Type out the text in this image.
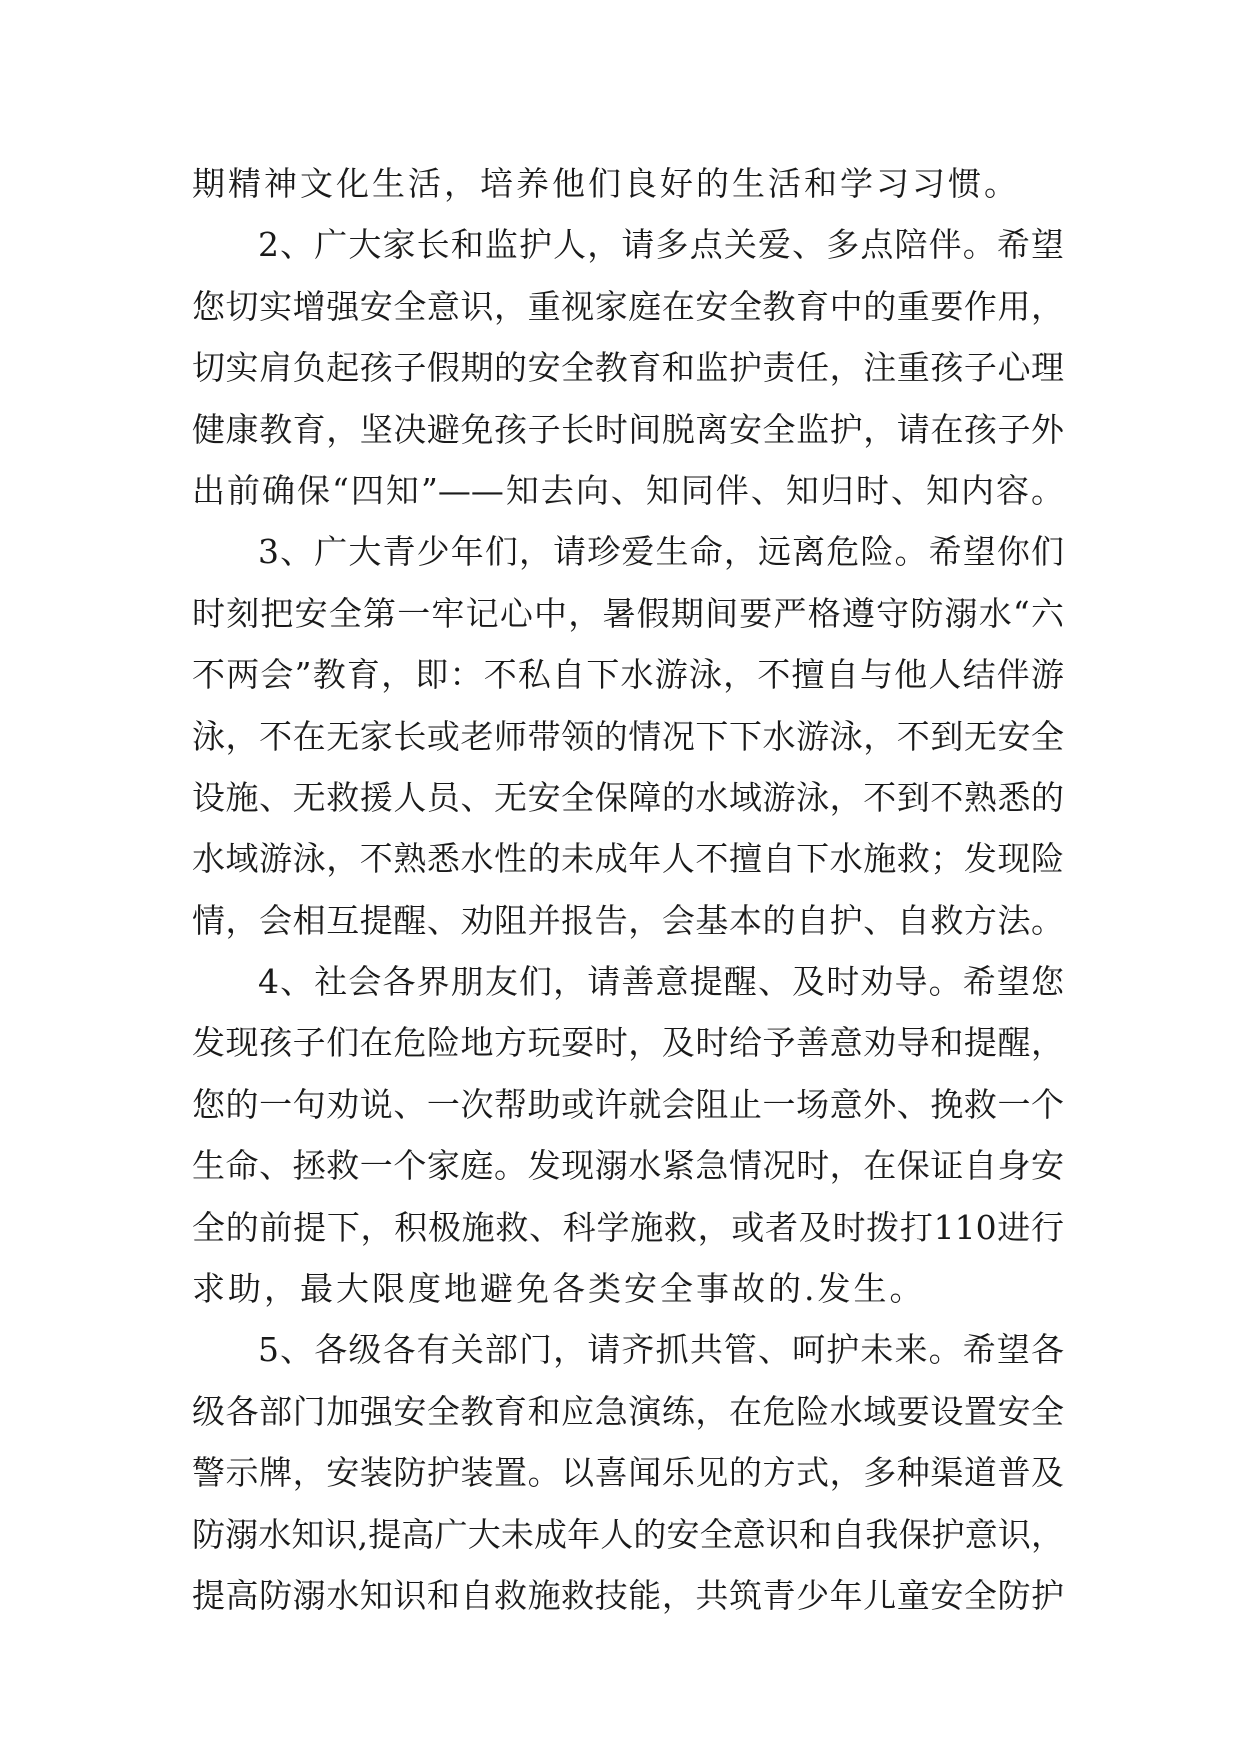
期精神文化生活，培养他们良好的生活和学习习惯。
2、广大家长和监护人，请多点关爱、多点陪伴。希望
您切实增强安全意识，重视家庭在安全教育中的重要作用，
切实肩负起孩子假期的安全教育和监护责任，注重孩子心理
健康教育，坚决避免孩子长时间脱离安全监护，请在孩子外
出前确保“四知”——知去向、知同伴、知归时、知内容。
3、广大青少年们，请珍爱生命，远离危险。希望你们
时刻把安全第一牢记心中，暑假期间要严格遵守防溺水“六
不两会”教育，即：不私自下水游泳，不擅自与他人结伴游
泳，不在无家长或老师带领的情况下下水游泳，不到无安全
设施、无救援人员、无安全保障的水域游泳，不到不熟悉的
水域游泳，不熟悉水性的未成年人不擅自下水施救；发现险
情，会相互提醒、劝阻并报告，会基本的自护、自救方法。
4、社会各界朋友们，请善意提醒、及时劝导。希望您
发现孩子们在危险地方玩耍时，及时给予善意劝导和提醒，
您的一句劝说、一次帮助或许就会阻止一场意外、挽救一个
生命、拯救一个家庭。发现溺水紧急情况时，在保证自身安
全的前提下，积极施救、科学施救，或者及时拨打110进行
求助，最大限度地避免各类安全事故的.发生。
5、各级各有关部门，请齐抓共管、呵护未来。希望各
级各部门加强安全教育和应急演练，在危险水域要设置安全
警示牌，安装防护装置。以喜闻乐见的方式，多种渠道普及
防溺水知识,提高广大未成年人的安全意识和自我保护意识，
提高防溺水知识和自救施救技能，共筑青少年儿童安全防护
